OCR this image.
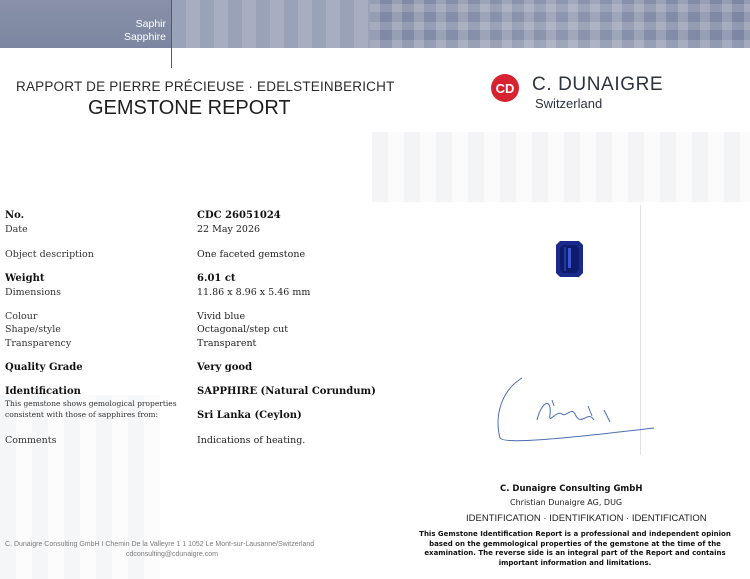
Saphir
Sapphire
RAPPORT DE PIERRE PRÉCIEUSE · EDELSTEINBERICHT
GEMSTONE REPORT
CD C. DUNAIGRE
Switzerland
No.
Date
Object description
Weight
Dimensions
Colour
Shape/style
Transparency
Quality Grade
Identification
This gemstone shows gemological properties
consistent with those of sapphires from:
Comments
CDC 26051024
22 May 2026
One faceted gemstone
6.01 ct
11.86 x 8.96 x 5.46 mm
Vivid blue
Octagonal/step cut
Transparent
Very good
SAPPHIRE (Natural Corundum)
Sri Lanka (Ceylon)
Indications of heating.
C. Dunaigre Consulting GmbH
Christian Dunaigre AG, DUG
IDENTIFICATION · IDENTIFIKATION · IDENTIFICATION
This Gemstone Identification Report is a professional and independent opinion
based on the gemmological properties of the gemstone at the time of the
examination. The reverse side is an integral part of the Report and contains
important information and limitations.
C. Dunaigre Consulting GmbH I Chemin De la Valleyre 1 1 1052 Le Mont-sur-Lausanne/Switzerland
cdconsulting@cdunaigre.com
